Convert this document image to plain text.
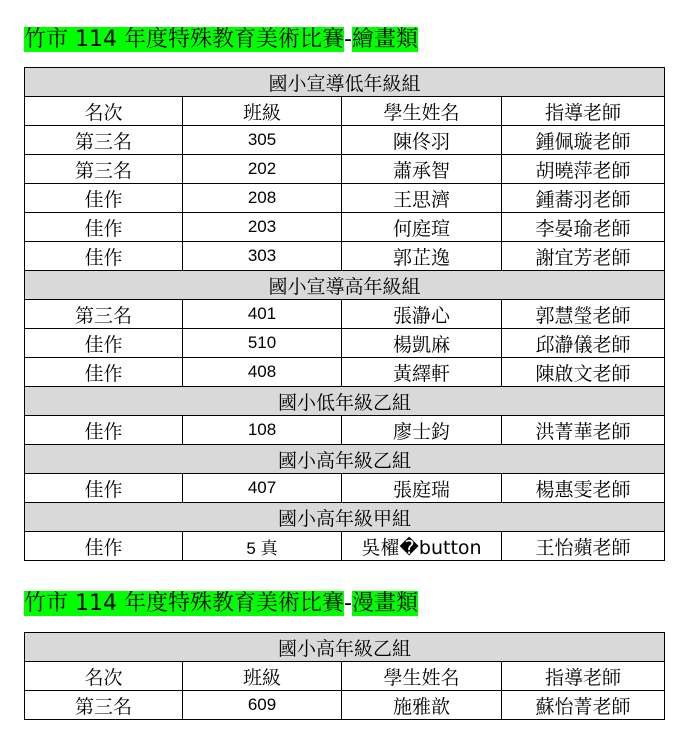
竹市 114 年度特殊教育美術比賽-繪畫類
國小宣導低年級組			
名次	班級	學生姓名	指導老師
第三名	305	陳佟羽	鍾佩璇老師
第三名	202	蕭承智	胡曉萍老師
佳作	208	王思濟	鍾蕎羽老師
佳作	203	何庭瑄	李晏瑜老師
佳作	303	郭芷逸	謝宜芳老師
國小宣導高年級組			
第三名	401	張瀞心	郭慧瑩老師
佳作	510	楊凱麻	邱瀞儀老師
佳作	408	黃繹軒	陳啟文老師
國小低年級乙組			
佳作	108	廖士鈞	洪菁華老師
國小高年級乙組			
佳作	407	張庭瑞	楊惠雯老師
國小高年級甲組			
佳作	5 真	吳櫂�button	王怡蘋老師
竹市 114 年度特殊教育美術比賽-漫畫類
國小高年級乙組			
名次	班級	學生姓名	指導老師
第三名	609	施雅歆	蘇怡菁老師
